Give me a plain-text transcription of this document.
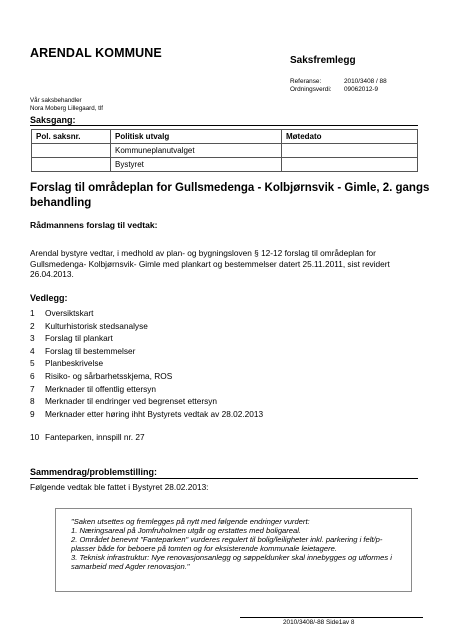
ARENDAL KOMMUNE
Saksfremlegg
Referanse:	2010/3408 / 88
Ordningsverdi: 09062012-9
Vår saksbehandler
Nora Moberg Lillegaard, tlf
Saksgang:
Pol. saksnr.	Politisk utvalg	Møtedato
	Kommuneplanutvalget	
	Bystyret	
Forslag til områdeplan for Gullsmedenga - Kolbjørnsvik - Gimle, 2. gangs behandling
Rådmannens forslag til vedtak:
Arendal bystyre vedtar, i medhold av plan- og bygningsloven § 12-12 forslag til områdeplan for Gullsmedenga- Kolbjørnsvik- Gimle med plankart og bestemmelser datert 25.11.2011, sist revidert 26.04.2013.
Vedlegg:
1 Oversiktskart
2 Kulturhistorisk stedsanalyse
3 Forslag til plankart
4 Forslag til bestemmelser
5 Planbeskrivelse
6 Risiko- og sårbarhetsskjema, ROS
7 Merknader til offentlig ettersyn
8 Merknader til endringer ved begrenset ettersyn
9 Merknader etter høring ihht Bystyrets vedtak av 28.02.2013
10 Fanteparken, innspill nr. 27
Sammendrag/problemstilling:
Følgende vedtak ble fattet i Bystyret 28.02.2013:
"Saken utsettes og fremlegges på nytt med følgende endringer vurdert:
1. Næringsareal på Jomfruholmen utgår og erstattes med boligareal.
2. Området benevnt "Fanteparken" vurderes regulert til bolig/leiligheter inkl. parkering i felt/p-plasser både for beboere på tomten og for eksisterende kommunale leietagere.
3. Teknisk infrastruktur: Nye renovasjonsanlegg og søppeldunker skal innebygges og utformes i samarbeid med Agder renovasjon."
2010/3408/-88 Side1av 8
